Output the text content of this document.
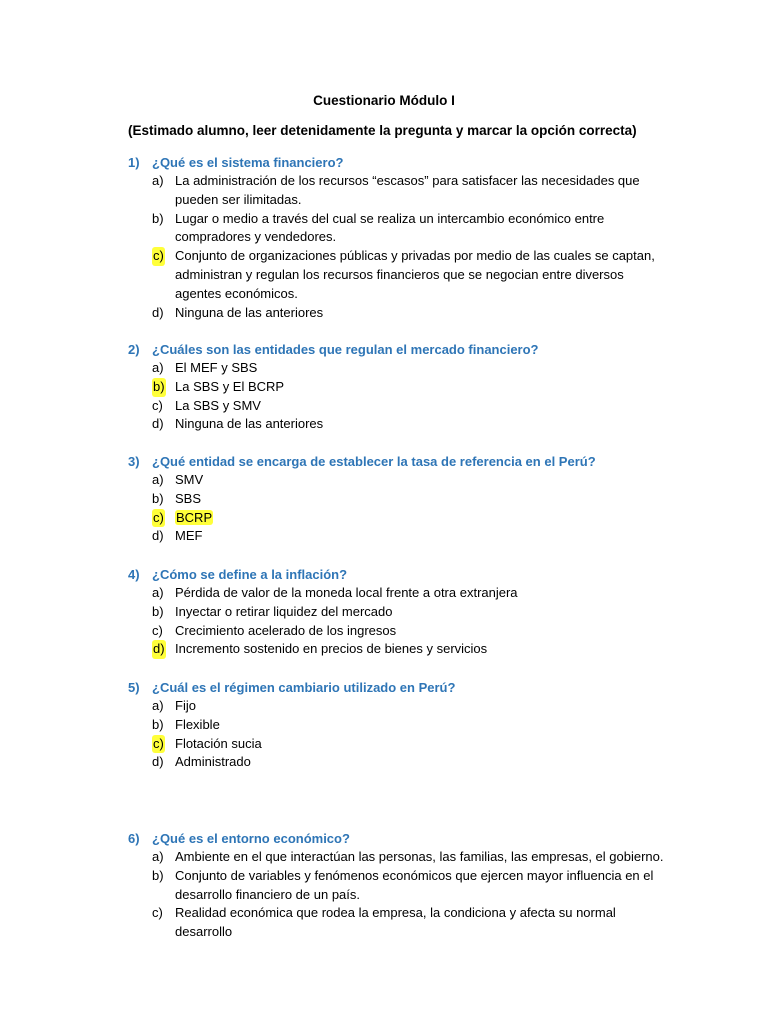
Cuestionario Módulo I
(Estimado alumno, leer detenidamente la pregunta y marcar la opción correcta)
1) ¿Qué es el sistema financiero?
a) La administración de los recursos “escasos” para satisfacer las necesidades que pueden ser ilimitadas.
b) Lugar o medio a través del cual se realiza un intercambio económico entre compradores y vendedores.
c) Conjunto de organizaciones públicas y privadas por medio de las cuales se captan, administran y regulan los recursos financieros que se negocian entre diversos agentes económicos.
d) Ninguna de las anteriores
2) ¿Cuáles son las entidades que regulan el mercado financiero?
a) El MEF y SBS
b) La SBS y El BCRP
c) La SBS y SMV
d) Ninguna de las anteriores
3) ¿Qué entidad se encarga de establecer la tasa de referencia en el Perú?
a) SMV
b) SBS
c) BCRP
d) MEF
4) ¿Cómo se define a la inflación?
a) Pérdida de valor de la moneda local frente a otra extranjera
b) Inyectar o retirar liquidez del mercado
c) Crecimiento acelerado de los ingresos
d) Incremento sostenido en precios de bienes y servicios
5) ¿Cuál es el régimen cambiario utilizado en Perú?
a) Fijo
b) Flexible
c) Flotación sucia
d) Administrado
6) ¿Qué es el entorno económico?
a) Ambiente en el que interactúan las personas, las familias, las empresas, el gobierno.
b) Conjunto de variables y fenómenos económicos que ejercen mayor influencia en el desarrollo financiero de un país.
c) Realidad económica que rodea la empresa, la condiciona y afecta su normal desarrollo
